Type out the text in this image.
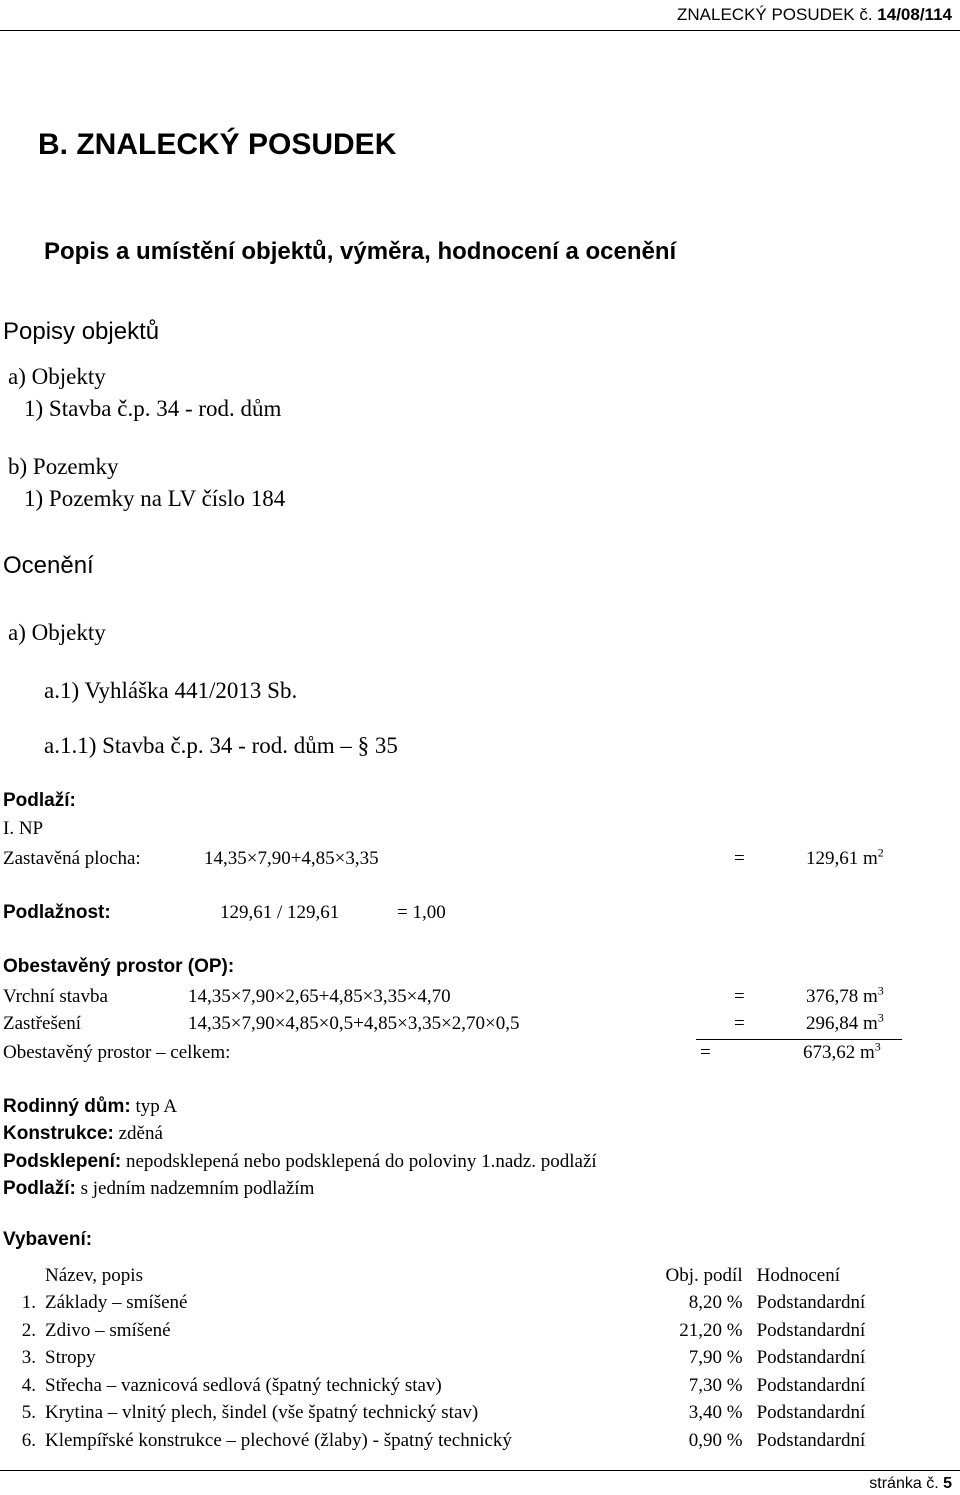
ZNALECKÝ POSUDEK č. 14/08/114
B. ZNALECKÝ POSUDEK
Popis a umístění objektů, výměra, hodnocení a ocenění
Popisy objektů
a) Objekty
1) Stavba č.p. 34 - rod. dům
b) Pozemky
1) Pozemky na LV číslo 184
Ocenění
a) Objekty
a.1) Vyhláška 441/2013 Sb.
a.1.1) Stavba č.p. 34 - rod. dům – § 35
Podlaží:
I. NP
Zastavěná plocha:	14,35×7,90+4,85×3,35	=	129,61 $m^2$
Podlažnost:	129,61 / 129,61	= 1,00
Obestavěný prostor (OP):
Vrchní stavba	14,35×7,90×2,65+4,85×3,35×4,70	=	376,78 $m^3$
Zastřešení	14,35×7,90×4,85×0,5+4,85×3,35×2,70×0,5	=	296,84 $m^3$
Obestavěný prostor – celkem:	=	673,62 $m^3$
Rodinný dům: typ A
Konstrukce: zděná
Podsklepení: nepodsklepená nebo podsklepená do poloviny 1.nadz. podlaží
Podlaží: s jedním nadzemním podlažím
Vybavení:
	Název, popis	Obj. podíl	Hodnocení
1.	Základy – smíšené	8,20 %	Podstandardní
2.	Zdivo – smíšené	21,20 %	Podstandardní
3.	Stropy	7,90 %	Podstandardní
4.	Střecha – vaznicová sedlová (špatný technický stav)	7,30 %	Podstandardní
5.	Krytina – vlnitý plech, šindel (vše špatný technický stav)	3,40 %	Podstandardní
6.	Klempířské konstrukce – plechové (žlaby) - špatný technický	0,90 %	Podstandardní
stránka č. 5
